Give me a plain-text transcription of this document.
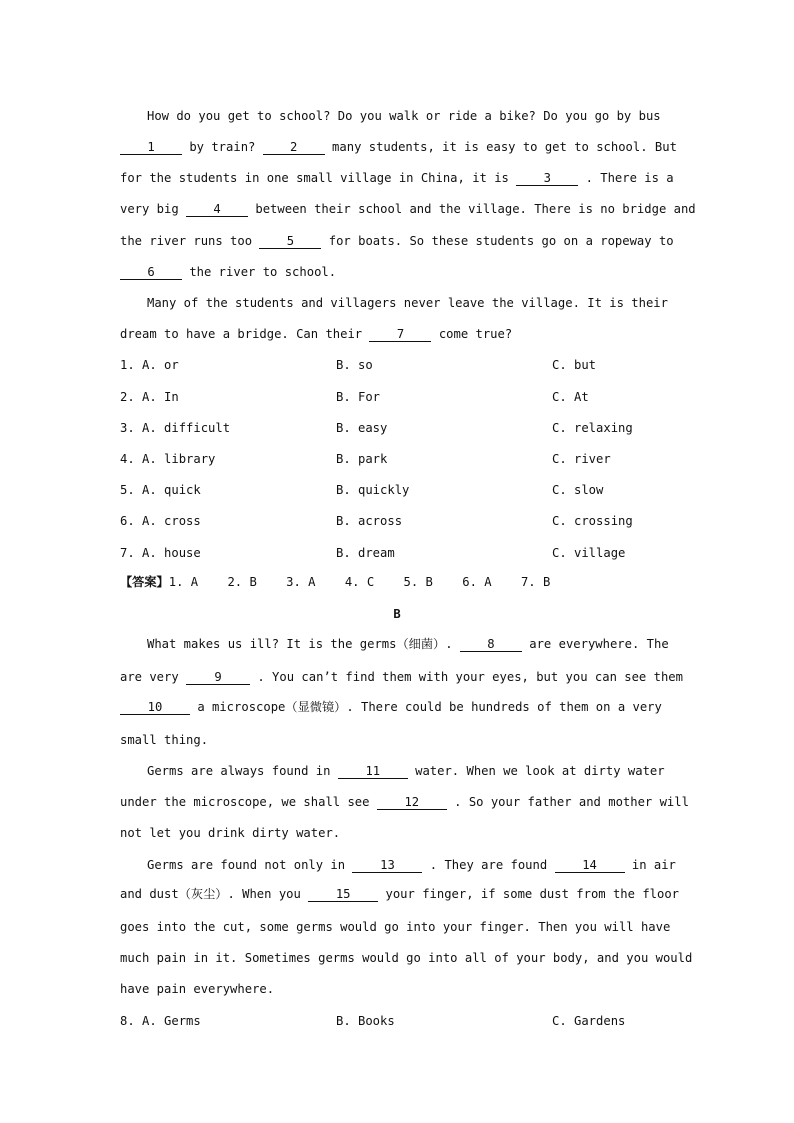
How do you get to school? Do you walk or ride a bike? Do you go by bus
1 by train? 2 many students, it is easy to get to school. But
for the students in one small village in China, it is 3 . There is a
very big 4 between their school and the village. There is no bridge and
the river runs too 5 for boats. So these students go on a ropeway to
6 the river to school.
Many of the students and villagers never leave the village. It is their
dream to have a bridge. Can their 7 come true?
1. A. or	B. so	C. but
2. A. In	B. For	C. At
3. A. difficult	B. easy	C. relaxing
4. A. library	B. park	C. river
5. A. quick	B. quickly	C. slow
6. A. cross	B. across	C. crossing
7. A. house	B. dream	C. village
【答案】1. A    2. B    3. A    4. C    5. B    6. A    7. B
B
What makes us ill? It is the germs（细菌）. 8 are everywhere. The
are very 9 . You can’t find them with your eyes, but you can see them
10 a microscope（显微镜）. There could be hundreds of them on a very
small thing.
Germs are always found in 11 water. When we look at dirty water
under the microscope, we shall see 12 . So your father and mother will
not let you drink dirty water.
Germs are found not only in 13 . They are found 14 in air
and dust（灰尘）. When you 15 your finger, if some dust from the floor
goes into the cut, some germs would go into your finger. Then you will have
much pain in it. Sometimes germs would go into all of your body, and you would
have pain everywhere.
8. A. Germs	B. Books	C. Gardens
